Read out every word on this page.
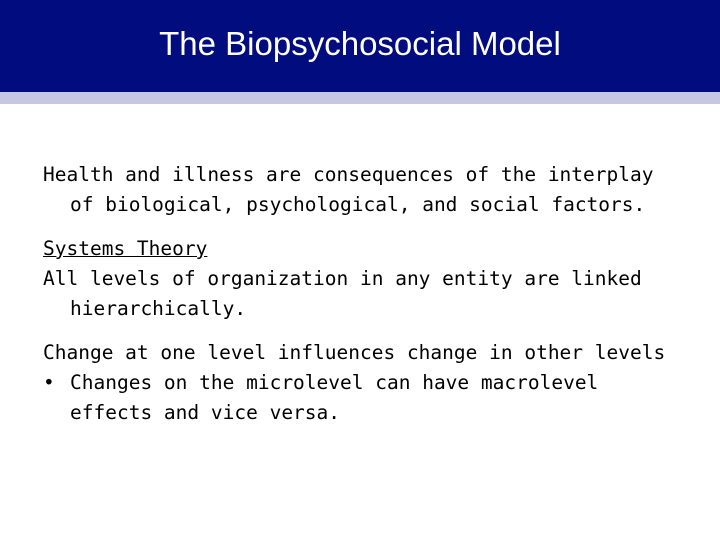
The Biopsychosocial Model

Health and illness are consequences of the interplay of biological, psychological, and social factors.

Systems Theory

All levels of organization in any entity are linked hierarchically.

Change at one level influences change in other levels

• Changes on the microlevel can have macrolevel effects and vice versa.
